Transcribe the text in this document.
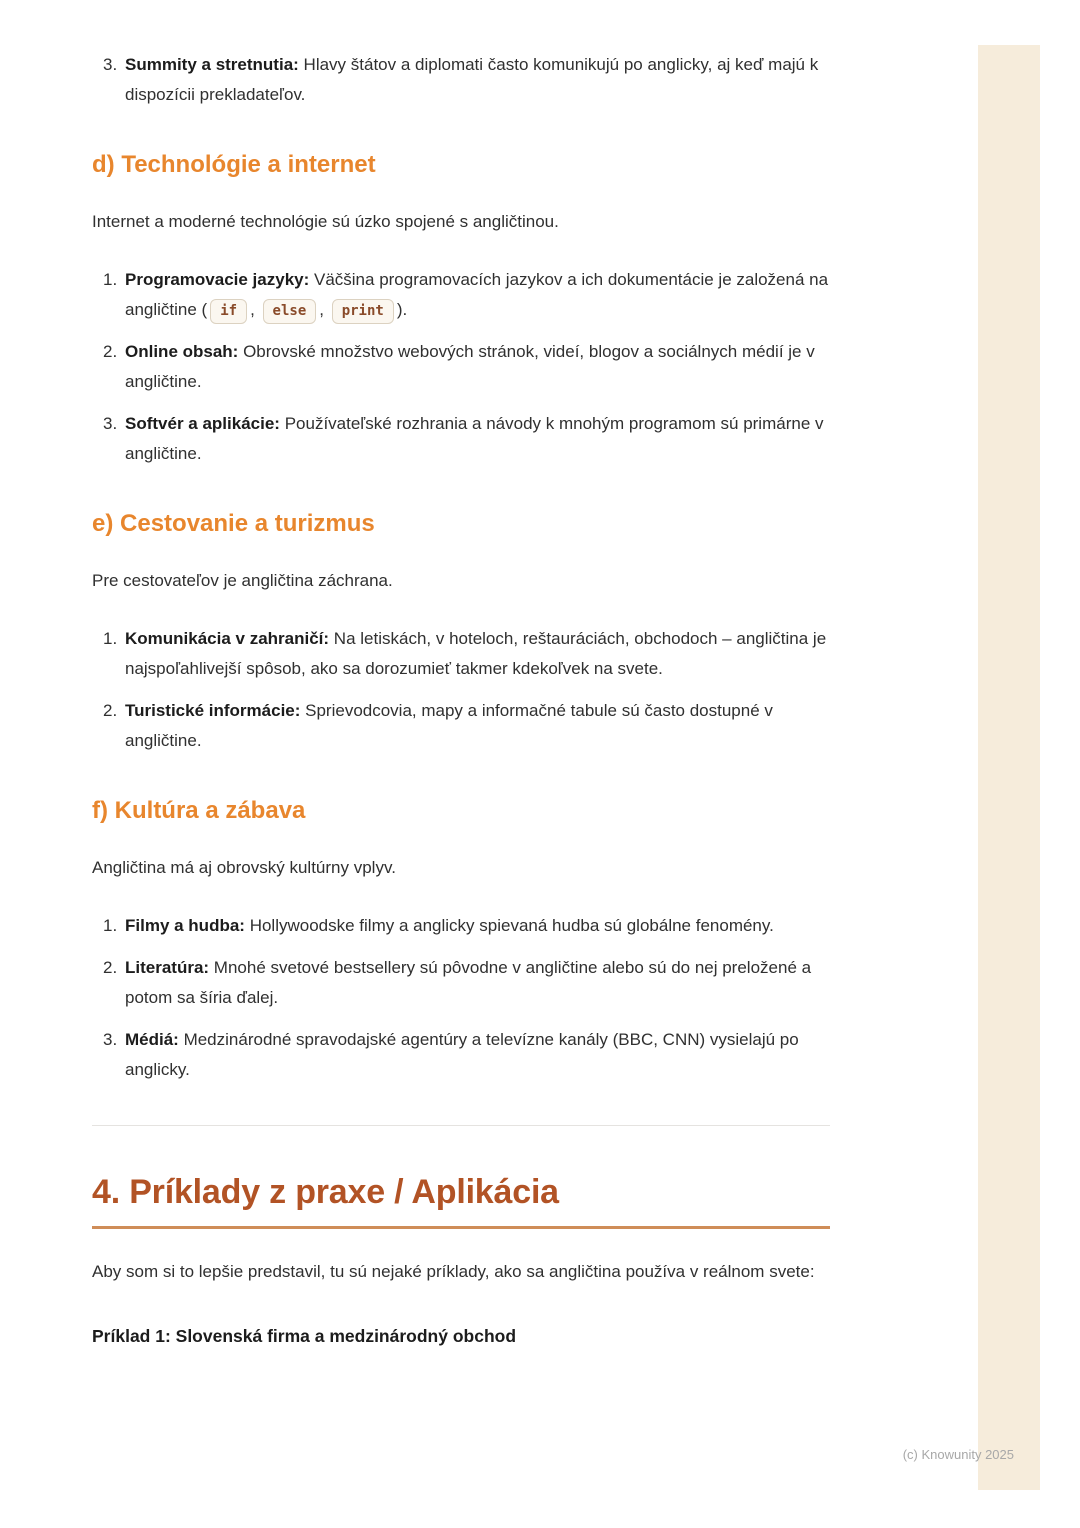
3. Summity a stretnutia: Hlavy štátov a diplomati často komunikujú po anglicky, aj keď majú k dispozícii prekladateľov.
d) Technológie a internet

Internet a moderné technológie sú úzko spojené s angličtinou.

1. Programovacie jazyky: Väčšina programovacích jazykov a ich dokumentácie je založená na angličtine ( if , else , print ).
2. Online obsah: Obrovské množstvo webových stránok, videí, blogov a sociálnych médií je v angličtine.
3. Softvér a aplikácie: Používateľské rozhrania a návody k mnohým programom sú primárne v angličtine.
e) Cestovanie a turizmus

Pre cestovateľov je angličtina záchrana.

1. Komunikácia v zahraničí: Na letiskách, v hoteloch, reštauráciách, obchodoch – angličtina je najspoľahlivejší spôsob, ako sa dorozumieť takmer kdekoľvek na svete.
2. Turistické informácie: Sprievodcovia, mapy a informačné tabule sú často dostupné v angličtine.
f) Kultúra a zábava

Angličtina má aj obrovský kultúrny vplyv.

1. Filmy a hudba: Hollywoodske filmy a anglicky spievaná hudba sú globálne fenomény.
2. Literatúra: Mnohé svetové bestsellery sú pôvodne v angličtine alebo sú do nej preložené a potom sa šíria ďalej.
3. Médiá: Medzinárodné spravodajské agentúry a televízne kanály (BBC, CNN) vysielajú po anglicky.
4. Príklady z praxe / Aplikácia

Aby som si to lepšie predstavil, tu sú nejaké príklady, ako sa angličtina používa v reálnom svete:

Príklad 1: Slovenská firma a medzinárodný obchod

(c) Knowunity 2025
